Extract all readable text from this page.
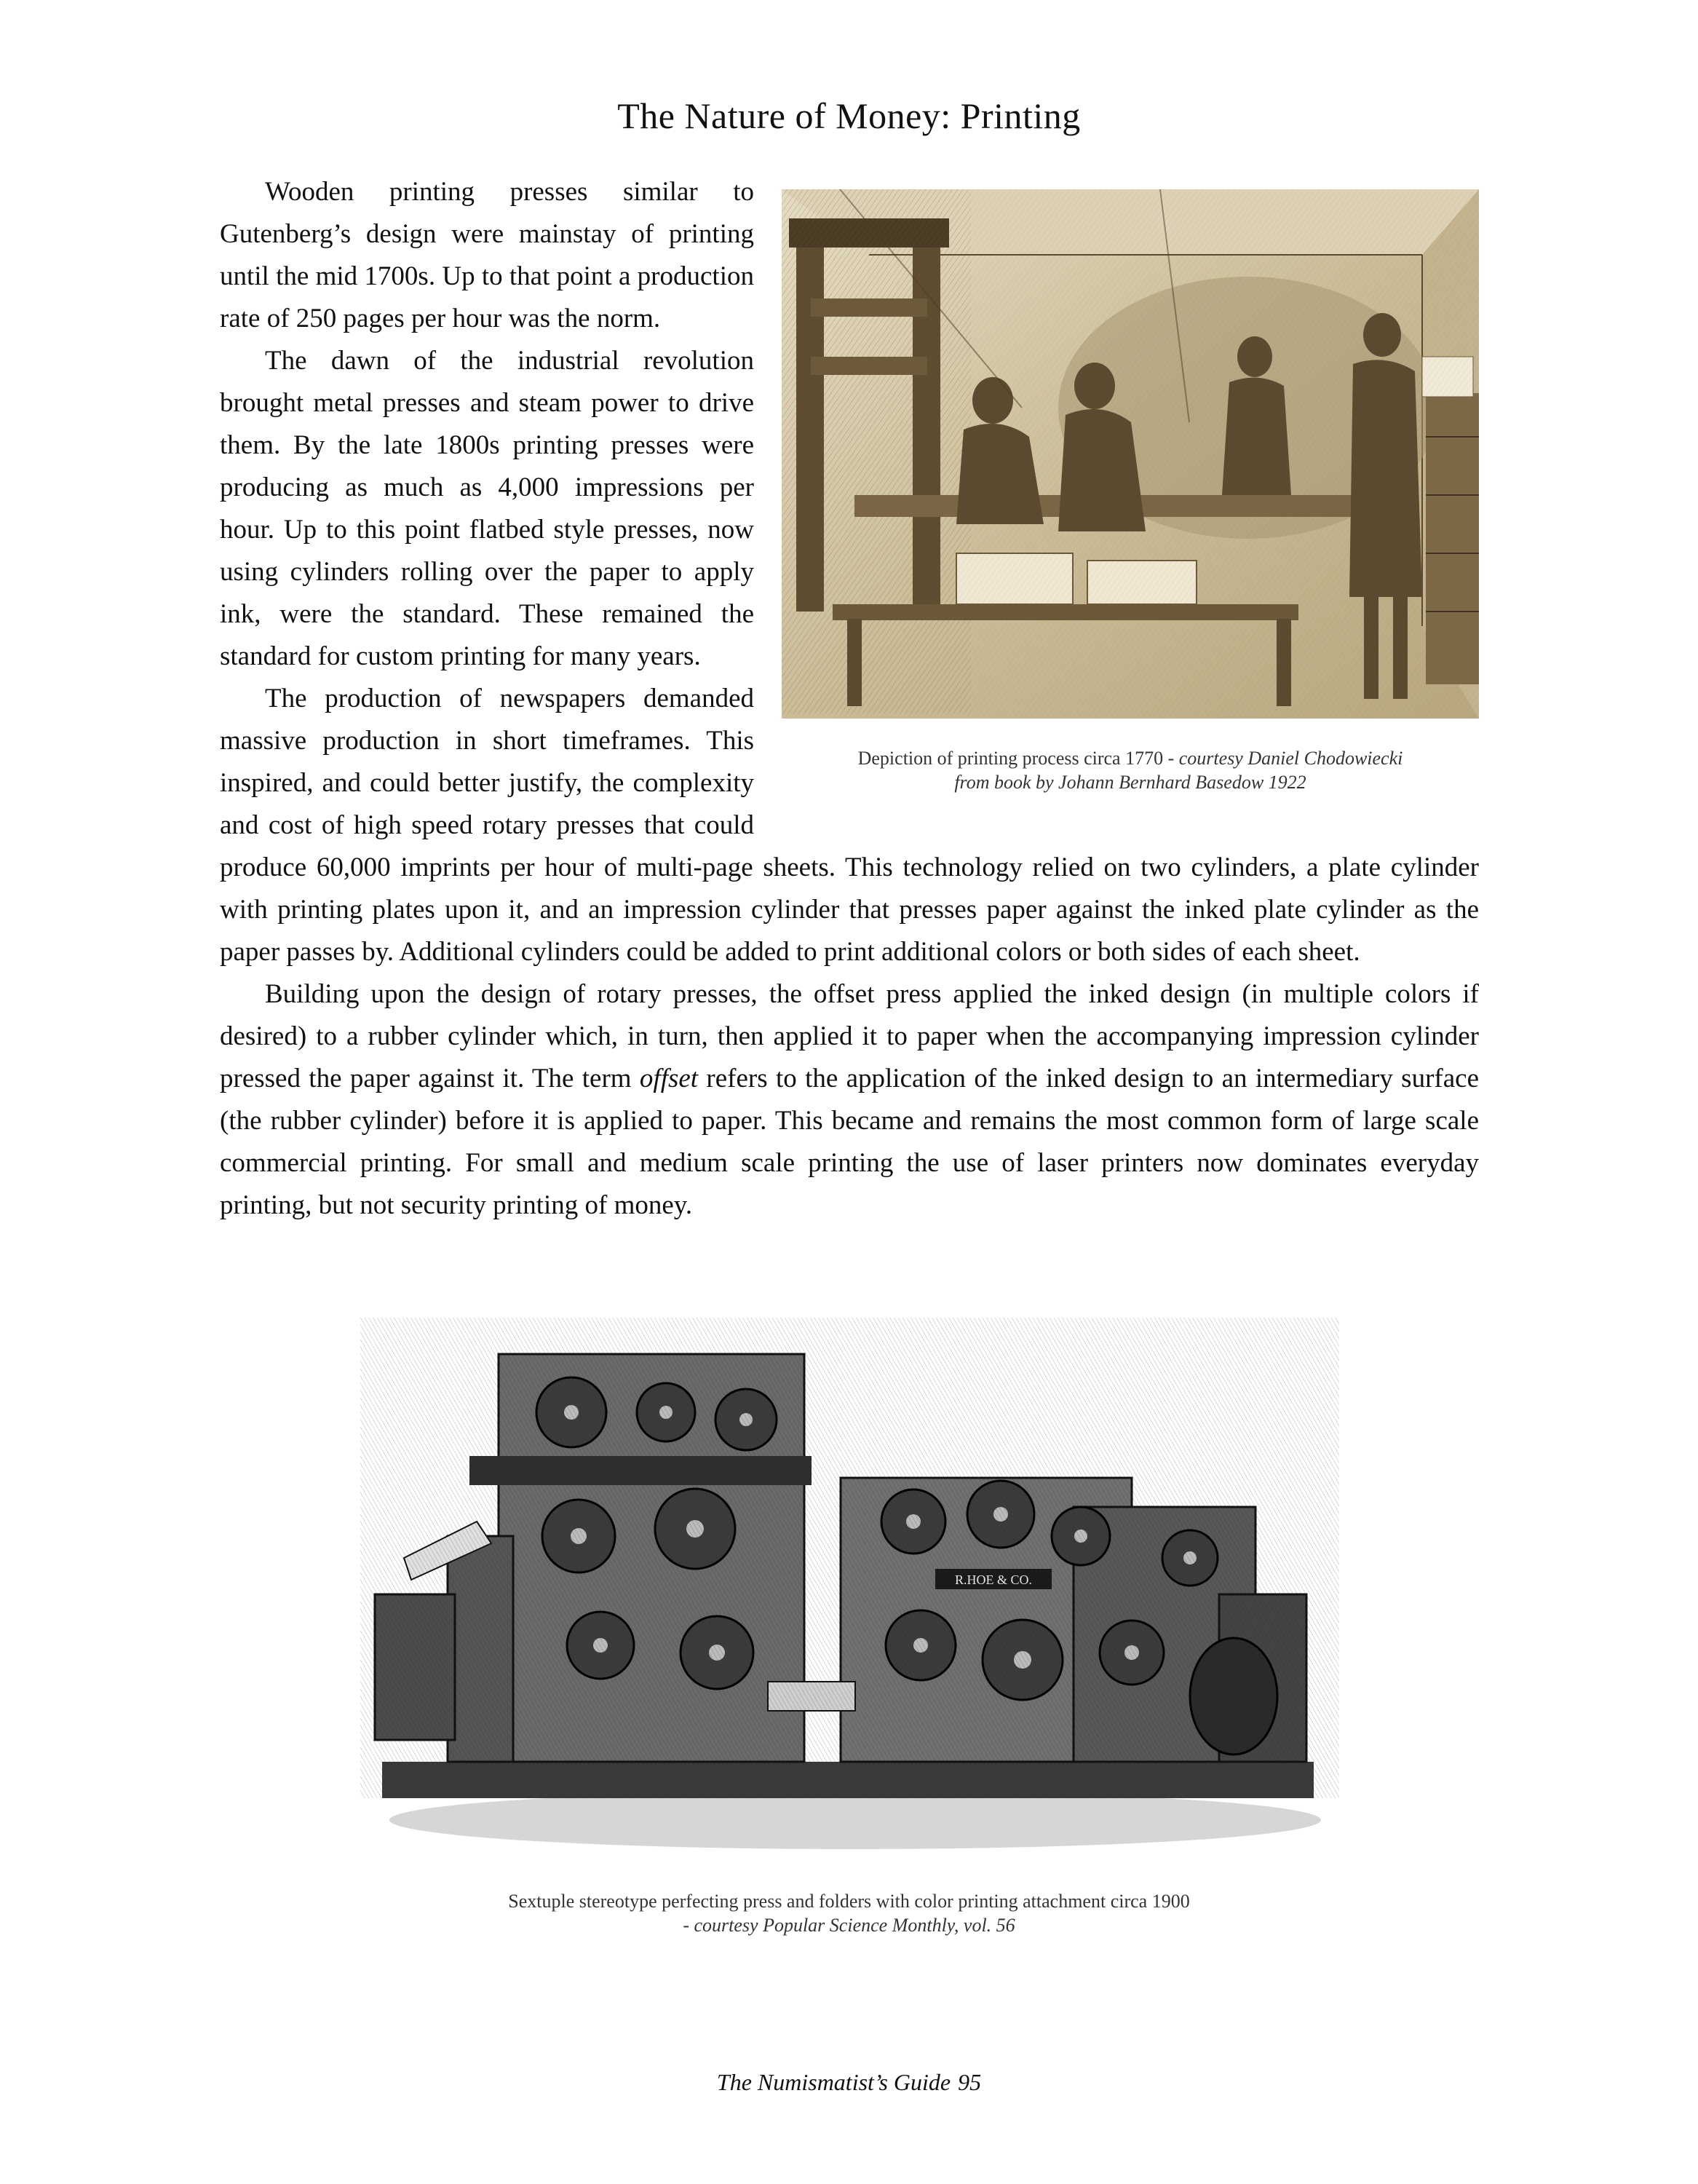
The Nature of Money: Printing
Depiction of printing process circa 1770 - courtesy Daniel Chodowiecki
from book by Johann Bernhard Basedow 1922

Wooden printing presses similar to Gutenberg’s design were mainstay of printing until the mid 1700s. Up to that point a production rate of 250 pages per hour was the norm.

The dawn of the industrial revolution brought metal presses and steam power to drive them. By the late 1800s printing presses were producing as much as 4,000 impressions per hour. Up to this point flatbed style presses, now using cylinders rolling over the paper to apply ink, were the standard. These remained the standard for custom printing for many years.

The production of newspapers demanded massive production in short timeframes. This inspired, and could better justify, the complexity and cost of high speed rotary presses that could produce 60,000 imprints per hour of multi-page sheets. This technology relied on two cylinders, a plate cylinder with printing plates upon it, and an impression cylinder that presses paper against the inked plate cylinder as the paper passes by. Additional cylinders could be added to print additional colors or both sides of each sheet.

Building upon the design of rotary presses, the offset press applied the inked design (in multiple colors if desired) to a rubber cylinder which, in turn, then applied it to paper when the accompanying impression cylinder pressed the paper against it. The term offset refers to the application of the inked design to an intermediary surface (the rubber cylinder) before it is applied to paper. This became and remains the most common form of large scale commercial printing. For small and medium scale printing the use of laser printers now dominates everyday printing, but not security printing of money.

Sextuple stereotype perfecting press and folders with color printing attachment circa 1900
- courtesy Popular Science Monthly, vol. 56
The Numismatist’s Guide 95
